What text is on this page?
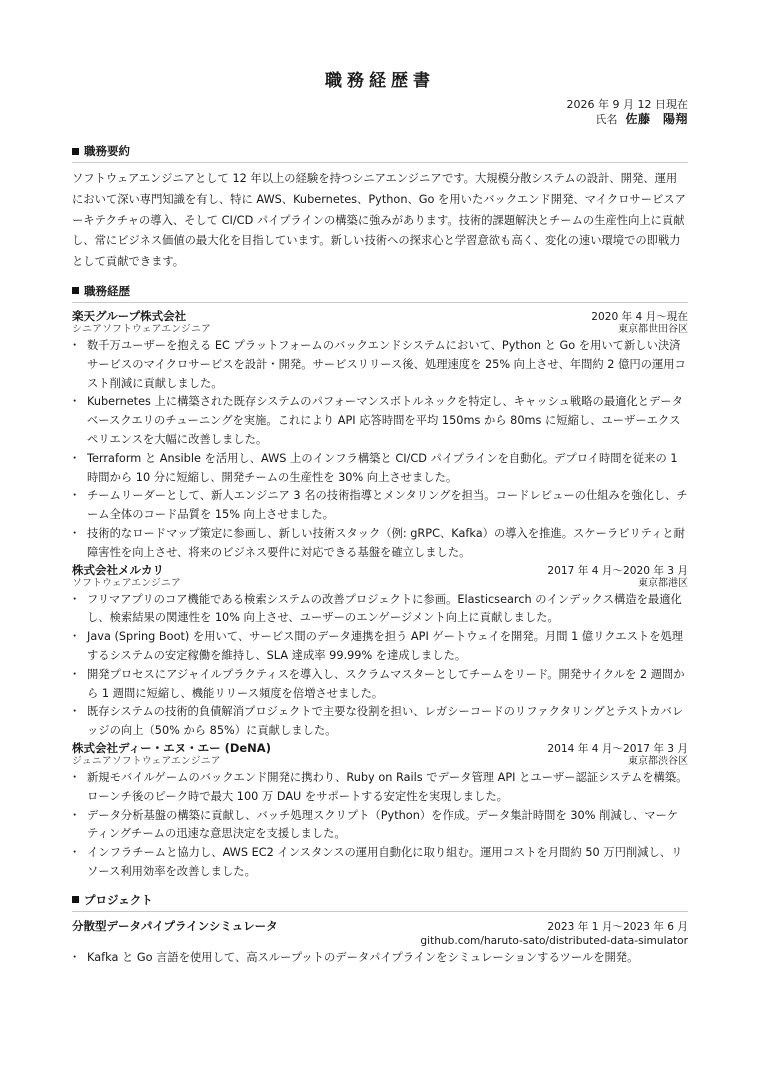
職務経歴書
2026 年 9 月 12 日現在
氏名 佐藤　陽翔
職務要約

ソフトウェアエンジニアとして 12 年以上の経験を持つシニアエンジニアです。大規模分散システムの設計、開発、運用において深い専門知識を有し、特に AWS、Kubernetes、Python、Go を用いたバックエンド開発、マイクロサービスアーキテクチャの導入、そして CI/CD パイプラインの構築に強みがあります。技術的課題解決とチームの生産性向上に貢献し、常にビジネス価値の最大化を目指しています。新しい技術への探求心と学習意欲も高く、変化の速い環境での即戦力として貢献できます。

職務経歴
楽天グループ株式会社	2020 年 4 月〜現在
シニアソフトウェアエンジニア	東京都世田谷区
・ 数千万ユーザーを抱える EC プラットフォームのバックエンドシステムにおいて、Python と Go を用いて新しい決済サービスのマイクロサービスを設計・開発。サービスリリース後、処理速度を 25% 向上させ、年間約 2 億円の運用コスト削減に貢献しました。
・ Kubernetes 上に構築された既存システムのパフォーマンスボトルネックを特定し、キャッシュ戦略の最適化とデータベースクエリのチューニングを実施。これにより API 応答時間を平均 150ms から 80ms に短縮し、ユーザーエクスペリエンスを大幅に改善しました。
・ Terraform と Ansible を活用し、AWS 上のインフラ構築と CI/CD パイプラインを自動化。デプロイ時間を従来の 1 時間から 10 分に短縮し、開発チームの生産性を 30% 向上させました。
・ チームリーダーとして、新人エンジニア 3 名の技術指導とメンタリングを担当。コードレビューの仕組みを強化し、チーム全体のコード品質を 15% 向上させました。
・ 技術的なロードマップ策定に参画し、新しい技術スタック（例: gRPC、Kafka）の導入を推進。スケーラビリティと耐障害性を向上させ、将来のビジネス要件に対応できる基盤を確立しました。
株式会社メルカリ	2017 年 4 月〜2020 年 3 月
ソフトウェアエンジニア	東京都港区
・ フリマアプリのコア機能である検索システムの改善プロジェクトに参画。Elasticsearch のインデックス構造を最適化し、検索結果の関連性を 10% 向上させ、ユーザーのエンゲージメント向上に貢献しました。
・ Java (Spring Boot) を用いて、サービス間のデータ連携を担う API ゲートウェイを開発。月間 1 億リクエストを処理するシステムの安定稼働を維持し、SLA 達成率 99.99% を達成しました。
・ 開発プロセスにアジャイルプラクティスを導入し、スクラムマスターとしてチームをリード。開発サイクルを 2 週間から 1 週間に短縮し、機能リリース頻度を倍増させました。
・ 既存システムの技術的負債解消プロジェクトで主要な役割を担い、レガシーコードのリファクタリングとテストカバレッジの向上（50% から 85%）に貢献しました。
株式会社ディー・エヌ・エー (DeNA)	2014 年 4 月〜2017 年 3 月
ジュニアソフトウェアエンジニア	東京都渋谷区
・ 新規モバイルゲームのバックエンド開発に携わり、Ruby on Rails でデータ管理 API とユーザー認証システムを構築。ローンチ後のピーク時で最大 100 万 DAU をサポートする安定性を実現しました。
・ データ分析基盤の構築に貢献し、バッチ処理スクリプト（Python）を作成。データ集計時間を 30% 削減し、マーケティングチームの迅速な意思決定を支援しました。
・ インフラチームと協力し、AWS EC2 インスタンスの運用自動化に取り組む。運用コストを月間約 50 万円削減し、リソース利用効率を改善しました。
プロジェクト
分散型データパイプラインシミュレータ	2023 年 1 月〜2023 年 6 月
github.com/haruto-sato/distributed-data-simulator
・ Kafka と Go 言語を使用して、高スループットのデータパイプラインをシミュレーションするツールを開発。
